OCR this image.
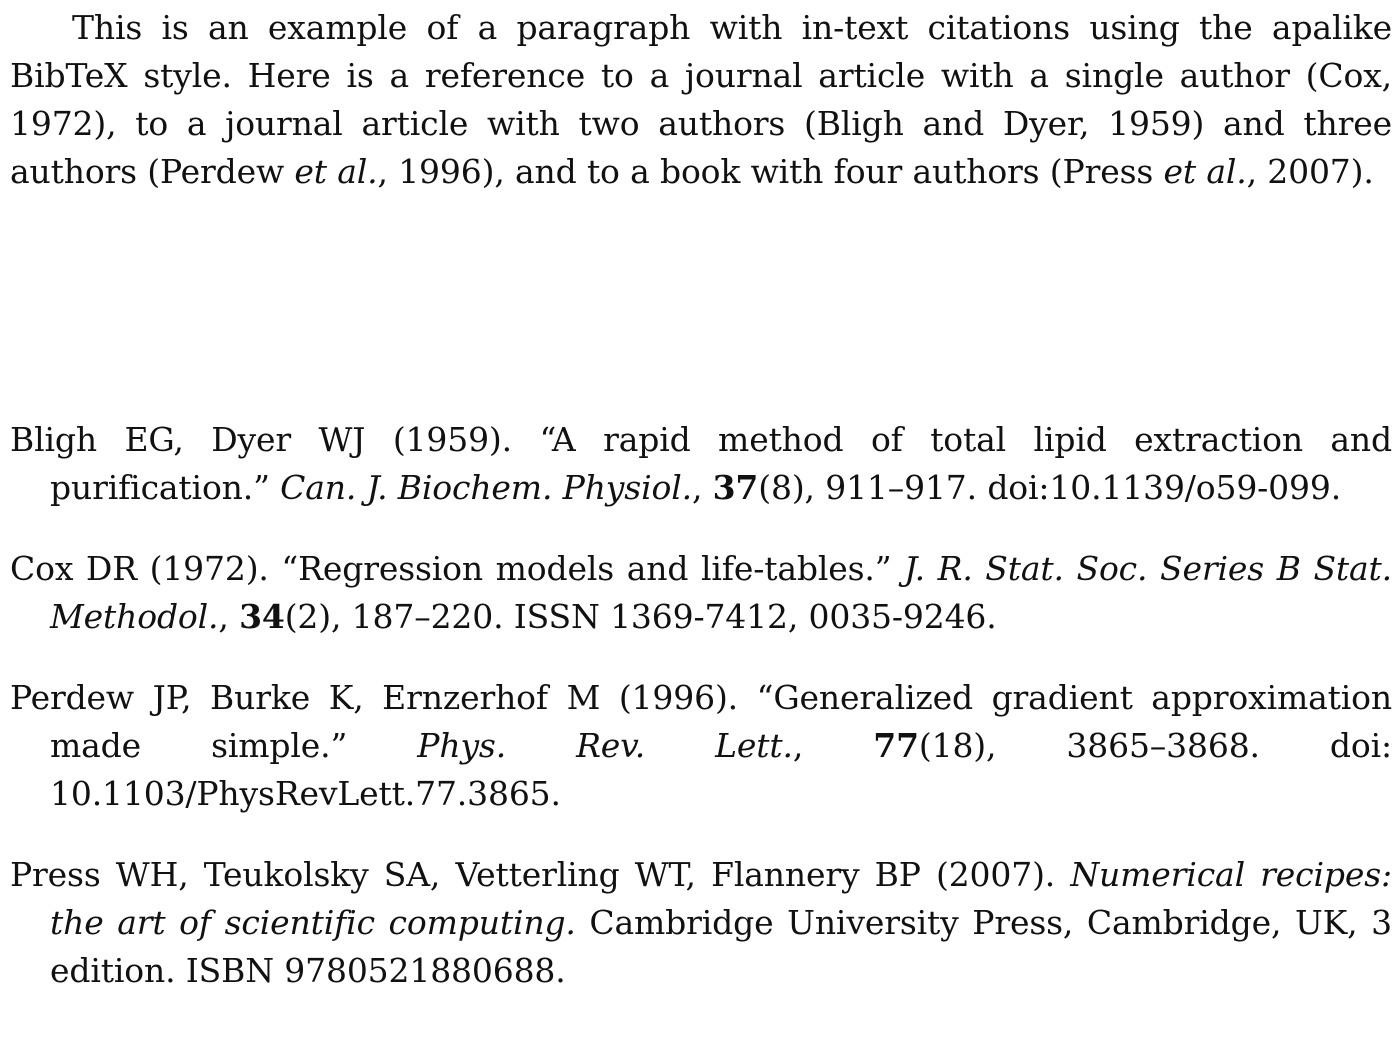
This is an example of a paragraph with in-text citations using the apalike BibTeX style. Here is a reference to a journal article with a single author (Cox, 1972), to a journal article with two authors (Bligh and Dyer, 1959) and three authors (Perdew et al., 1996), and to a book with four authors (Press et al., 2007).

Bligh EG, Dyer WJ (1959). “A rapid method of total lipid extraction and purification.” Can. J. Biochem. Physiol., 37(8), 911–917. doi:10.1139/o59-099.
Cox DR (1972). “Regression models and life-tables.” J. R. Stat. Soc. Series B Stat. Methodol., 34(2), 187–220. ISSN 1369-7412, 0035-9246.
Perdew JP, Burke K, Ernzerhof M (1996). “Generalized gradient approximation made simple.” Phys. Rev. Lett., 77(18), 3865–3868. doi: 10.1103/PhysRevLett.77.3865.
Press WH, Teukolsky SA, Vetterling WT, Flannery BP (2007). Numerical recipes: the art of scientific computing. Cambridge University Press, Cambridge, UK, 3 edition. ISBN 9780521880688.
